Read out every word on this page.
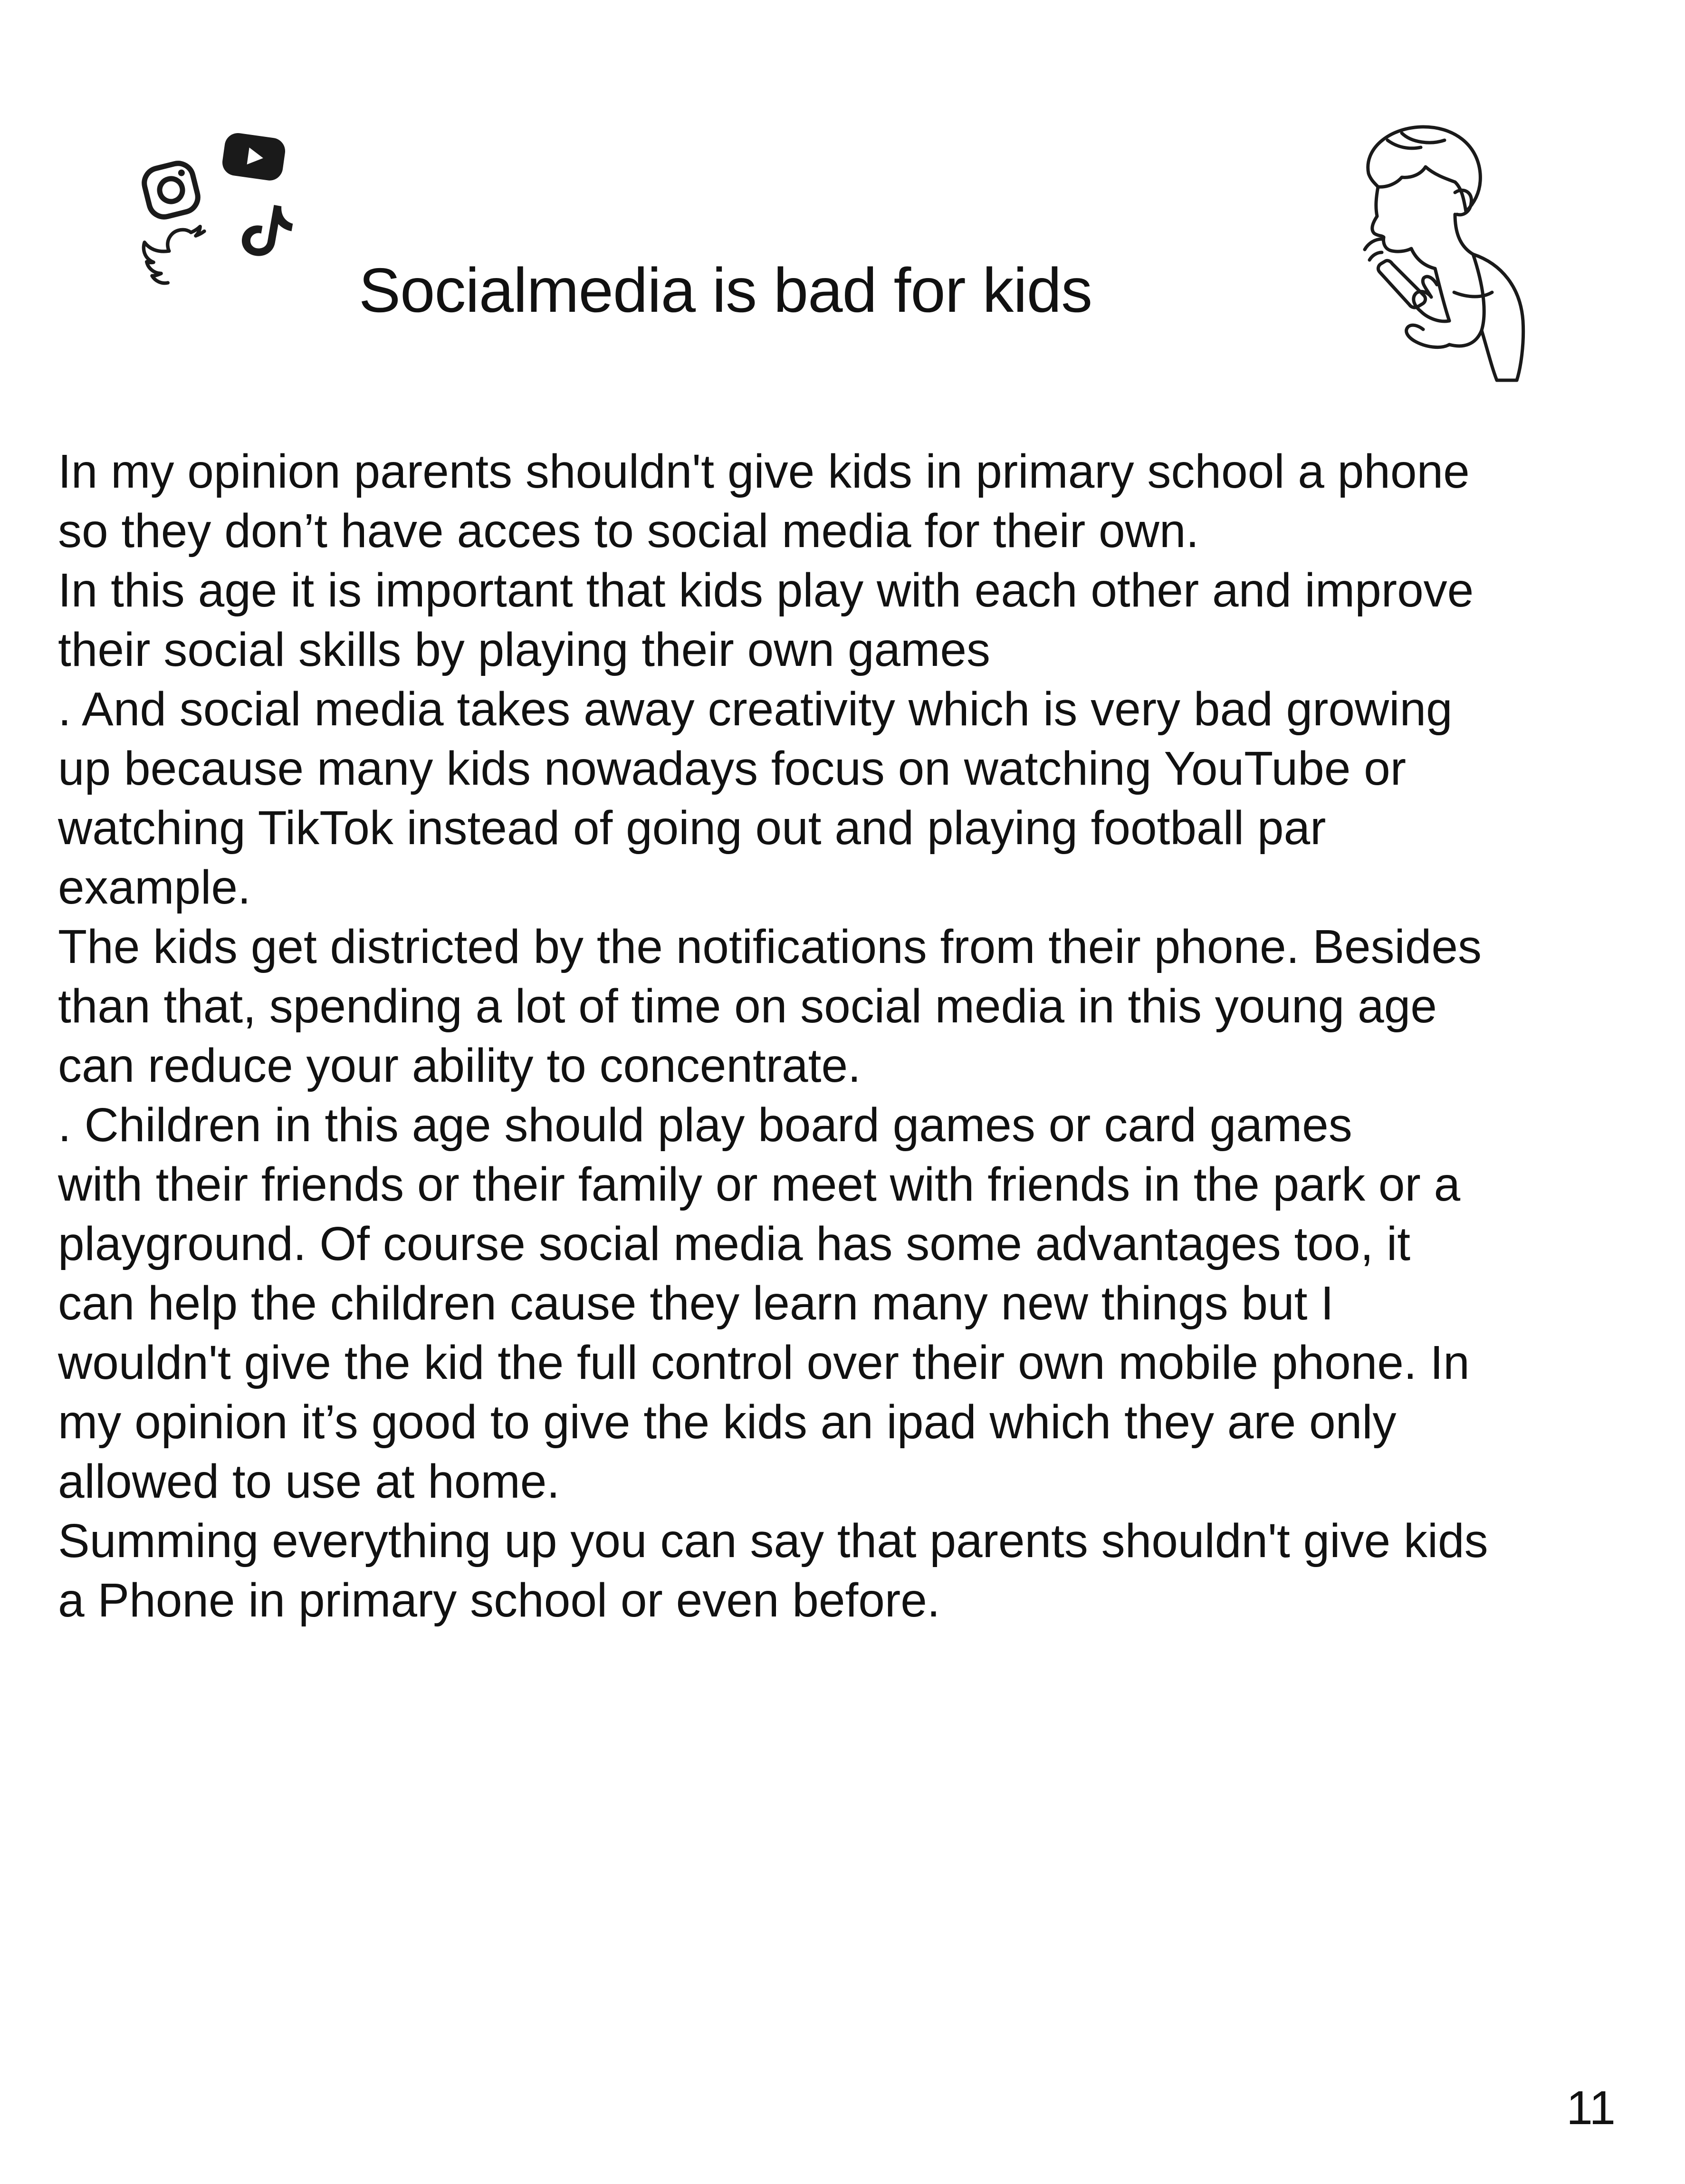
Socialmedia is bad for kids
In my opinion parents shouldn't give kids in primary school a phone
so they don’t have acces to social media for their own.
In this age it is important that kids play with each other and improve
their social skills by playing their own games
. And social media takes away creativity which is very bad growing
up because many kids nowadays focus on watching YouTube or
watching TikTok instead of going out and playing football par
example.
The kids get districted by the notifications from their phone. Besides
than that, spending a lot of time on social media in this young age
can reduce your ability to concentrate.
. Children in this age should play board games or card games
with their friends or their family or meet with friends in the park or a
playground. Of course social media has some advantages too, it
can help the children cause they learn many new things but I
wouldn't give the kid the full control over their own mobile phone. In
my opinion it’s good to give the kids an ipad which they are only
allowed to use at home.
Summing everything up you can say that parents shouldn't give kids
a Phone in primary school or even before.
11
